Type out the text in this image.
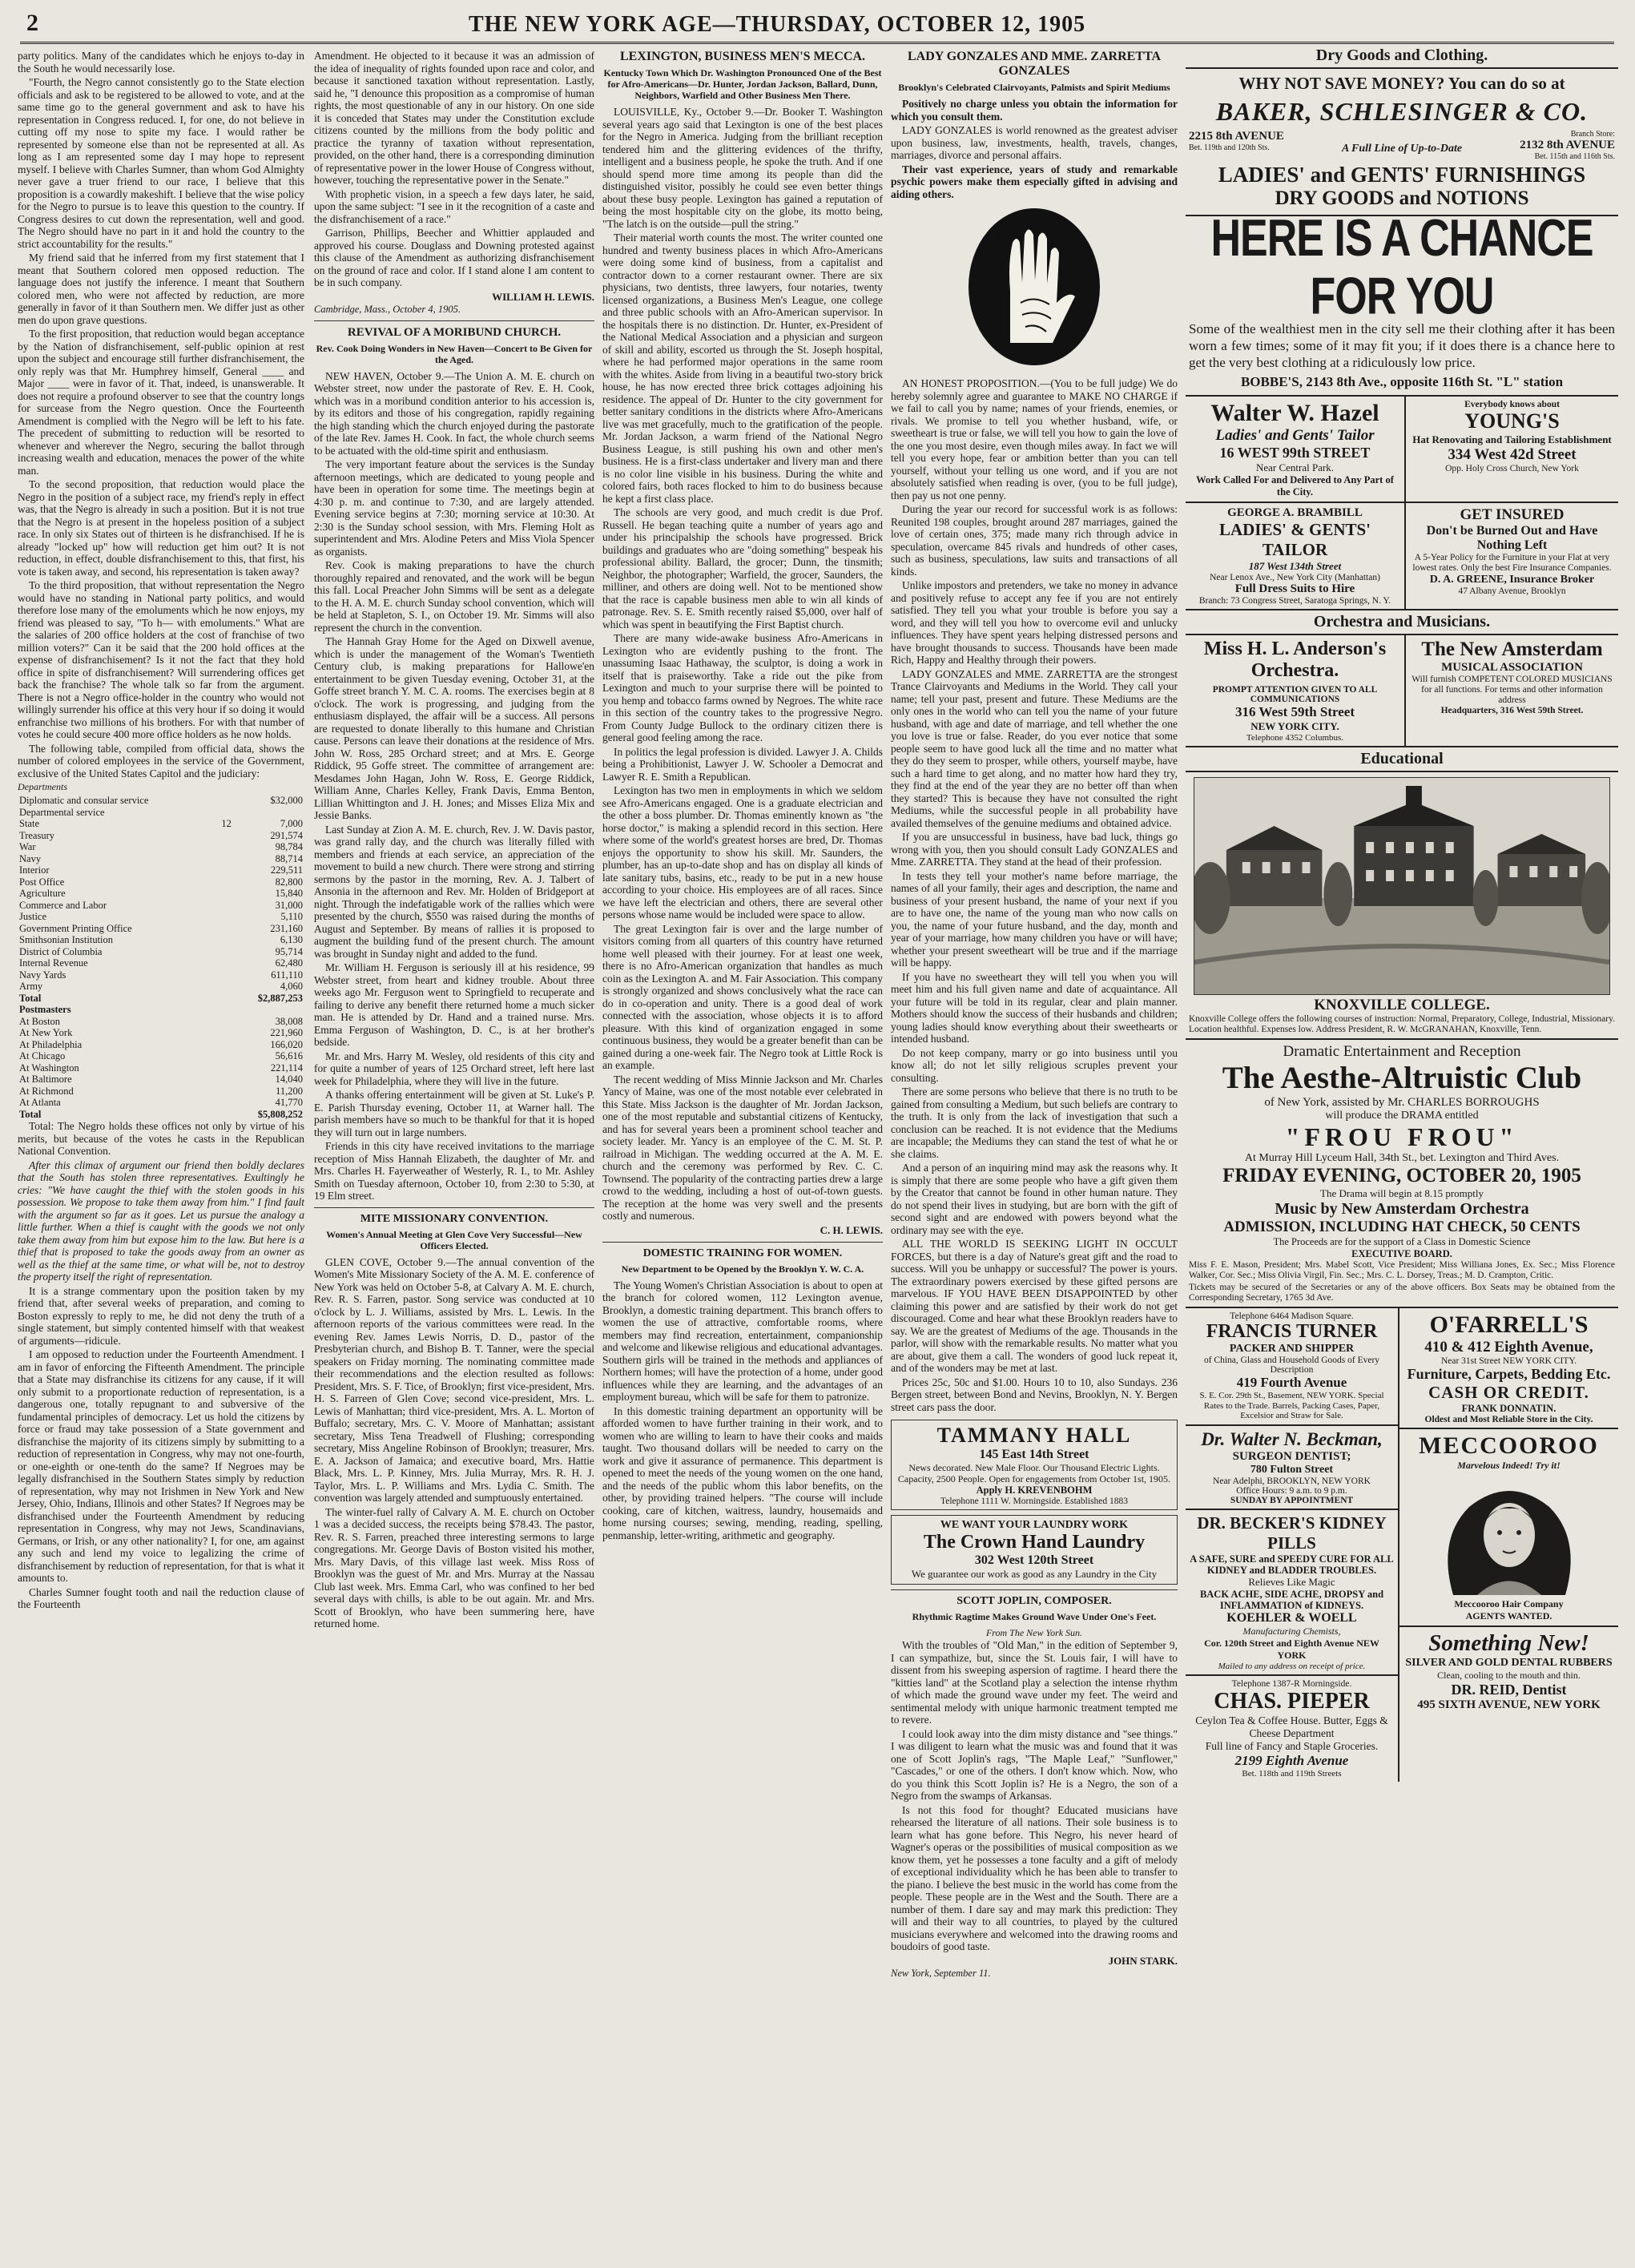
2	THE NEW YORK AGE—THURSDAY, OCTOBER 12, 1905

party politics. Many of the candidates which he enjoys to-day in the South he would necessarily lose.

"Fourth, the Negro cannot consistently go to the State election officials and ask to be registered to be allowed to vote, and at the same time go to the general government and ask to have his representation in Congress reduced. I, for one, do not believe in cutting off my nose to spite my face. I would rather be represented by someone else than not be represented at all. As long as I am represented some day I may hope to represent myself. I believe with Charles Sumner, than whom God Almighty never gave a truer friend to our race, I believe that this proposition is a cowardly makeshift. I believe that the wise policy for the Negro to pursue is to leave this question to the country. If Congress desires to cut down the representation, well and good. The Negro should have no part in it and hold the country to the strict accountability for the results."

My friend said that he inferred from my first statement that I meant that Southern colored men opposed reduction. The language does not justify the inference. I meant that Southern colored men, who were not affected by reduction, are more generally in favor of it than Southern men. We differ just as other men do upon grave questions.

To the first proposition, that reduction would began acceptance by the Nation of disfranchisement, self-public opinion at rest upon the subject and encourage still further disfranchisement, the only reply was that Mr. Humphrey himself, General ____ and Major ____ were in favor of it. That, indeed, is unanswerable. It does not require a profound observer to see that the country longs for surcease from the Negro question. Once the Fourteenth Amendment is complied with the Negro will be left to his fate. The precedent of submitting to reduction will be resorted to whenever and wherever the Negro, securing the ballot through increasing wealth and education, menaces the power of the white man.

To the second proposition, that reduction would place the Negro in the position of a subject race, my friend's reply in effect was, that the Negro is already in such a position. But it is not true that the Negro is at present in the hopeless position of a subject race. In only six States out of thirteen is he disfranchised. If he is already "locked up" how will reduction get him out? It is not reduction, in effect, double disfranchisement to this, that first, his vote is taken away, and second, his representation is taken away?

To the third proposition, that without representation the Negro would have no standing in National party politics, and would therefore lose many of the emoluments which he now enjoys, my friend was pleased to say, "To h— with emoluments." What are the salaries of 200 office holders at the cost of franchise of two million voters?" Can it be said that the 200 hold offices at the expense of disfranchisement? Is it not the fact that they hold office in spite of disfranchisement? Will surrendering offices get back the franchise? The whole talk so far from the argument. There is not a Negro office-holder in the country who would not willingly surrender his office at this very hour if so doing it would enfranchise two millions of his brothers. For with that number of votes he could secure 400 more office holders as he now holds.

The following table, compiled from official data, shows the number of colored employees in the service of the Government, exclusive of the United States Capitol and the judiciary:

Departments
Diplomatic and consular service		$32,000
Departmental service		
State	12	7,000
Treasury		291,574
War		98,784
Navy		88,714
Interior		229,511
Post Office		82,800
Agriculture		15,840
Commerce and Labor		31,000
Justice		5,110
Government Printing Office		231,160
Smithsonian Institution		6,130
District of Columbia		95,714
Internal Revenue		62,480
Navy Yards		611,110
Army		4,060
Total		$2,887,253
Postmasters		
At Boston		38,008
At New York		221,960
At Philadelphia		166,020
At Chicago		56,616
At Washington		221,114
At Baltimore		14,040
At Richmond		11,200
At Atlanta		41,770
Total		$5,808,252

Total: The Negro holds these offices not only by virtue of his merits, but because of the votes he casts in the Republican National Convention.

After this climax of argument our friend then boldly declares that the South has stolen three representatives. Exultingly he cries: "We have caught the thief with the stolen goods in his possession. We propose to take them away from him." I find fault with the argument so far as it goes. Let us pursue the analogy a little further. When a thief is caught with the goods we not only take them away from him but expose him to the law. But here is a thief that is proposed to take the goods away from an owner as well as the thief at the same time, or what will be, not to destroy the property itself the right of representation.

It is a strange commentary upon the position taken by my friend that, after several weeks of preparation, and coming to Boston expressly to reply to me, he did not deny the truth of a single statement, but simply contented himself with that weakest of arguments—ridicule.

I am opposed to reduction under the Fourteenth Amendment. I am in favor of enforcing the Fifteenth Amendment. The principle that a State may disfranchise its citizens for any cause, if it will only submit to a proportionate reduction of representation, is a dangerous one, totally repugnant to and subversive of the fundamental principles of democracy. Let us hold the citizens by force or fraud may take possession of a State government and disfranchise the majority of its citizens simply by submitting to a reduction of representation in Congress, why may not one-fourth, or one-eighth or one-tenth do the same? If Negroes may be legally disfranchised in the Southern States simply by reduction of representation, why may not Irishmen in New York and New Jersey, Ohio, Indians, Illinois and other States? If Negroes may be disfranchised under the Fourteenth Amendment by reducing representation in Congress, why may not Jews, Scandinavians, Germans, or Irish, or any other nationality? I, for one, am against any such and lend my voice to legalizing the crime of disfranchisement by reduction of representation, for that is what it amounts to.

Charles Sumner fought tooth and nail the reduction clause of the Fourteenth

Amendment. He objected to it because it was an admission of the idea of inequality of rights founded upon race and color, and because it sanctioned taxation without representation. Lastly, said he, "I denounce this proposition as a compromise of human rights, the most questionable of any in our history. On one side it is conceded that States may under the Constitution exclude citizens counted by the millions from the body politic and practice the tyranny of taxation without representation, provided, on the other hand, there is a corresponding diminution of representative power in the lower House of Congress without, however, touching the representative power in the Senate."

With prophetic vision, in a speech a few days later, he said, upon the same subject: "I see in it the recognition of a caste and the disfranchisement of a race."

Garrison, Phillips, Beecher and Whittier applauded and approved his course. Douglass and Downing protested against this clause of the Amendment as authorizing disfranchisement on the ground of race and color. If I stand alone I am content to be in such company.

WILLIAM H. LEWIS.
Cambridge, Mass., October 4, 1905.
REVIVAL OF A MORIBUND CHURCH.
Rev. Cook Doing Wonders in New Haven—Concert to Be Given for the Aged.

NEW HAVEN, October 9.—The Union A. M. E. church on Webster street, now under the pastorate of Rev. E. H. Cook, which was in a moribund condition anterior to his accession is, by its editors and those of his congregation, rapidly regaining the high standing which the church enjoyed during the pastorate of the late Rev. James H. Cook. In fact, the whole church seems to be actuated with the old-time spirit and enthusiasm.

The very important feature about the services is the Sunday afternoon meetings, which are dedicated to young people and have been in operation for some time. The meetings begin at 4:30 p. m. and continue to 7:30, and are largely attended. Evening service begins at 7:30; morning service at 10:30. At 2:30 is the Sunday school session, with Mrs. Fleming Holt as superintendent and Mrs. Alodine Peters and Miss Viola Spencer as organists.

Rev. Cook is making preparations to have the church thoroughly repaired and renovated, and the work will be begun this fall. Local Preacher John Simms will be sent as a delegate to the H. A. M. E. church Sunday school convention, which will be held at Stapleton, S. I., on October 19. Mr. Simms will also represent the church in the convention.

The Hannah Gray Home for the Aged on Dixwell avenue, which is under the management of the Woman's Twentieth Century club, is making preparations for Hallowe'en entertainment to be given Tuesday evening, October 31, at the Goffe street branch Y. M. C. A. rooms. The exercises begin at 8 o'clock. The work is progressing, and judging from the enthusiasm displayed, the affair will be a success. All persons are requested to donate liberally to this humane and Christian cause. Persons can leave their donations at the residence of Mrs. John W. Ross, 285 Orchard street; and at Mrs. E. George Riddick, 95 Goffe street. The committee of arrangement are: Mesdames John Hagan, John W. Ross, E. George Riddick, William Anne, Charles Kelley, Frank Davis, Emma Benton, Lillian Whittington and J. H. Jones; and Misses Eliza Mix and Jessie Banks.

Last Sunday at Zion A. M. E. church, Rev. J. W. Davis pastor, was grand rally day, and the church was literally filled with members and friends at each service, an appreciation of the movement to build a new church. There were strong and stirring sermons by the pastor in the morning, Rev. A. J. Talbert of Ansonia in the afternoon and Rev. Mr. Holden of Bridgeport at night. Through the indefatigable work of the rallies which were presented by the church, $550 was raised during the months of August and September. By means of rallies it is proposed to augment the building fund of the present church. The amount was brought in Sunday night and added to the fund.

Mr. William H. Ferguson is seriously ill at his residence, 99 Webster street, from heart and kidney trouble. About three weeks ago Mr. Ferguson went to Springfield to recuperate and failing to derive any benefit there returned home a much sicker man. He is attended by Dr. Hand and a trained nurse. Mrs. Emma Ferguson of Washington, D. C., is at her brother's bedside.

Mr. and Mrs. Harry M. Wesley, old residents of this city and for quite a number of years of 125 Orchard street, left here last week for Philadelphia, where they will live in the future.

A thanks offering entertainment will be given at St. Luke's P. E. Parish Thursday evening, October 11, at Warner hall. The parish members have so much to be thankful for that it is hoped they will turn out in large numbers.

Friends in this city have received invitations to the marriage reception of Miss Hannah Elizabeth, the daughter of Mr. and Mrs. Charles H. Fayerweather of Westerly, R. I., to Mr. Ashley Smith on Tuesday afternoon, October 10, from 2:30 to 5:30, at 19 Elm street.

MITE MISSIONARY CONVENTION.
Women's Annual Meeting at Glen Cove Very Successful—New Officers Elected.

GLEN COVE, October 9.—The annual convention of the Women's Mite Missionary Society of the A. M. E. conference of New York was held on October 5-8, at Calvary A. M. E. church, Rev. R. S. Farren, pastor. Song service was conducted at 10 o'clock by L. J. Williams, assisted by Mrs. L. Lewis. In the afternoon reports of the various committees were read. In the evening Rev. James Lewis Norris, D. D., pastor of the Presbyterian church, and Bishop B. T. Tanner, were the special speakers on Friday morning. The nominating committee made their recommendations and the election resulted as follows: President, Mrs. S. F. Tice, of Brooklyn; first vice-president, Mrs. H. S. Farreen of Glen Cove; second vice-president, Mrs. L. Lewis of Manhattan; third vice-president, Mrs. A. L. Morton of Buffalo; secretary, Mrs. C. V. Moore of Manhattan; assistant secretary, Miss Tena Treadwell of Flushing; corresponding secretary, Miss Angeline Robinson of Brooklyn; treasurer, Mrs. E. A. Jackson of Jamaica; and executive board, Mrs. Hattie Black, Mrs. L. P. Kinney, Mrs. Julia Murray, Mrs. R. H. J. Taylor, Mrs. L. P. Williams and Mrs. Lydia C. Smith. The convention was largely attended and sumptuously entertained.

The winter-fuel rally of Calvary A. M. E. church on October 1 was a decided success, the receipts being $78.43. The pastor, Rev. R. S. Farren, preached three interesting sermons to large congregations. Mr. George Davis of Boston visited his mother, Mrs. Mary Davis, of this village last week. Miss Ross of Brooklyn was the guest of Mr. and Mrs. Murray at the Nassau Club last week. Mrs. Emma Carl, who was confined to her bed several days with chills, is able to be out again. Mr. and Mrs. Scott of Brooklyn, who have been summering here, have returned home.

LEXINGTON, BUSINESS MEN'S MECCA.
Kentucky Town Which Dr. Washington Pronounced One of the Best for Afro-Americans—Dr. Hunter, Jordan Jackson, Ballard, Dunn, Neighbors, Warfield and Other Business Men There.

LOUISVILLE, Ky., October 9.—Dr. Booker T. Washington several years ago said that Lexington is one of the best places for the Negro in America. Judging from the brilliant reception tendered him and the glittering evidences of the thrifty, intelligent and a business people, he spoke the truth. And if one should spend more time among its people than did the distinguished visitor, possibly he could see even better things about these busy people. Lexington has gained a reputation of being the most hospitable city on the globe, its motto being, "The latch is on the outside—pull the string."

Their material worth counts the most. The writer counted one hundred and twenty business places in which Afro-Americans were doing some kind of business, from a capitalist and contractor down to a corner restaurant owner. There are six physicians, two dentists, three lawyers, four notaries, twenty licensed organizations, a Business Men's League, one college and three public schools with an Afro-American supervisor. In the hospitals there is no distinction. Dr. Hunter, ex-President of the National Medical Association and a physician and surgeon of skill and ability, escorted us through the St. Joseph hospital, where he had performed major operations in the same room with the whites. Aside from living in a beautiful two-story brick house, he has now erected three brick cottages adjoining his residence. The appeal of Dr. Hunter to the city government for better sanitary conditions in the districts where Afro-Americans live was met gracefully, much to the gratification of the people. Mr. Jordan Jackson, a warm friend of the National Negro Business League, is still pushing his own and other men's business. He is a first-class undertaker and livery man and there is no color line visible in his business. During the white and colored fairs, both races flocked to him to do business because he kept a first class place.

The schools are very good, and much credit is due Prof. Russell. He began teaching quite a number of years ago and under his principalship the schools have progressed. Brick buildings and graduates who are "doing something" bespeak his professional ability. Ballard, the grocer; Dunn, the tinsmith; Neighbor, the photographer; Warfield, the grocer, Saunders, the milliner, and others are doing well. Not to be mentioned show that the race is capable business men able to win all kinds of patronage. Rev. S. E. Smith recently raised $5,000, over half of which was spent in beautifying the First Baptist church.

There are many wide-awake business Afro-Americans in Lexington who are evidently pushing to the front. The unassuming Isaac Hathaway, the sculptor, is doing a work in itself that is praiseworthy. Take a ride out the pike from Lexington and much to your surprise there will be pointed to you hemp and tobacco farms owned by Negroes. The white race in this section of the country takes to the progressive Negro. From County Judge Bullock to the ordinary citizen there is general good feeling among the race.

In politics the legal profession is divided. Lawyer J. A. Childs being a Prohibitionist, Lawyer J. W. Schooler a Democrat and Lawyer R. E. Smith a Republican.

Lexington has two men in employments in which we seldom see Afro-Americans engaged. One is a graduate electrician and the other a boss plumber. Dr. Thomas eminently known as "the horse doctor," is making a splendid record in this section. Here where some of the world's greatest horses are bred, Dr. Thomas enjoys the opportunity to show his skill. Mr. Saunders, the plumber, has an up-to-date shop and has on display all kinds of late sanitary tubs, basins, etc., ready to be put in a new house according to your choice. His employees are of all races. Since we have left the electrician and others, there are several other persons whose name would be included were space to allow.

The great Lexington fair is over and the large number of visitors coming from all quarters of this country have returned home well pleased with their journey. For at least one week, there is no Afro-American organization that handles as much coin as the Lexington A. and M. Fair Association. This company is strongly organized and shows conclusively what the race can do in co-operation and unity. There is a good deal of work connected with the association, whose objects it is to afford pleasure. With this kind of organization engaged in some continuous business, they would be a greater benefit than can be gained during a one-week fair. The Negro took at Little Rock is an example.

The recent wedding of Miss Minnie Jackson and Mr. Charles Yancy of Maine, was one of the most notable ever celebrated in this State. Miss Jackson is the daughter of Mr. Jordan Jackson, one of the most reputable and substantial citizens of Kentucky, and has for several years been a prominent school teacher and society leader. Mr. Yancy is an employee of the C. M. St. P. railroad in Michigan. The wedding occurred at the A. M. E. church and the ceremony was performed by Rev. C. C. Townsend. The popularity of the contracting parties drew a large crowd to the wedding, including a host of out-of-town guests. The reception at the home was very swell and the presents costly and numerous.

C. H. LEWIS.
DOMESTIC TRAINING FOR WOMEN.
New Department to be Opened by the Brooklyn Y. W. C. A.

The Young Women's Christian Association is about to open at the branch for colored women, 112 Lexington avenue, Brooklyn, a domestic training department. This branch offers to women the use of attractive, comfortable rooms, where members may find recreation, entertainment, companionship and welcome and likewise religious and educational advantages. Southern girls will be trained in the methods and appliances of Northern homes; will have the protection of a home, under good influences while they are learning, and the advantages of an employment bureau, which will be safe for them to patronize.

In this domestic training department an opportunity will be afforded women to have further training in their work, and to women who are willing to learn to have their cooks and maids taught. Two thousand dollars will be needed to carry on the work and give it assurance of permanence. This department is opened to meet the needs of the young women on the one hand, and the needs of the public whom this labor benefits, on the other, by providing trained helpers. "The course will include cooking, care of kitchen, waitress, laundry, housemaids and home nursing courses; sewing, mending, reading, spelling, penmanship, letter-writing, arithmetic and geography.

LADY GONZALES AND MME. ZARRETTA GONZALES
Brooklyn's Celebrated Clairvoyants, Palmists and Spirit Mediums

Positively no charge unless you obtain the information for which you consult them.

LADY GONZALES is world renowned as the greatest adviser upon business, law, investments, health, travels, changes, marriages, divorce and personal affairs.

Their vast experience, years of study and remarkable psychic powers make them especially gifted in advising and aiding others.

AN HONEST PROPOSITION.—(You to be full judge) We do hereby solemnly agree and guarantee to MAKE NO CHARGE if we fail to call you by name; names of your friends, enemies, or rivals. We promise to tell you whether husband, wife, or sweetheart is true or false, we will tell you how to gain the love of the one you most desire, even though miles away. In fact we will tell you every hope, fear or ambition better than you can tell yourself, without your telling us one word, and if you are not absolutely satisfied when reading is over, (you to be full judge), then pay us not one penny.

During the year our record for successful work is as follows: Reunited 198 couples, brought around 287 marriages, gained the love of certain ones, 375; made many rich through advice in speculation, overcame 845 rivals and hundreds of other cases, such as business, speculations, law suits and transactions of all kinds.

Unlike impostors and pretenders, we take no money in advance and positively refuse to accept any fee if you are not entirely satisfied. They tell you what your trouble is before you say a word, and they will tell you how to overcome evil and unlucky influences. They have spent years helping distressed persons and have brought thousands to success. Thousands have been made Rich, Happy and Healthy through their powers.

LADY GONZALES and MME. ZARRETTA are the strongest Trance Clairvoyants and Mediums in the World. They call your name; tell your past, present and future. These Mediums are the only ones in the world who can tell you the name of your future husband, with age and date of marriage, and tell whether the one you love is true or false. Reader, do you ever notice that some people seem to have good luck all the time and no matter what they do they seem to prosper, while others, yourself maybe, have such a hard time to get along, and no matter how hard they try, they find at the end of the year they are no better off than when they started? This is because they have not consulted the right Mediums, while the successful people in all probability have availed themselves of the genuine mediums and obtained advice.

If you are unsuccessful in business, have bad luck, things go wrong with you, then you should consult Lady GONZALES and Mme. ZARRETTA. They stand at the head of their profession.

In tests they tell your mother's name before marriage, the names of all your family, their ages and description, the name and business of your present husband, the name of your next if you are to have one, the name of the young man who now calls on you, the name of your future husband, and the day, month and year of your marriage, how many children you have or will have; whether your present sweetheart will be true and if the marriage will be happy.

If you have no sweetheart they will tell you when you will meet him and his full given name and date of acquaintance. All your future will be told in its regular, clear and plain manner. Mothers should know the success of their husbands and children; young ladies should know everything about their sweethearts or intended husband.

Do not keep company, marry or go into business until you know all; do not let silly religious scruples prevent your consulting.

There are some persons who believe that there is no truth to be gained from consulting a Medium, but such beliefs are contrary to the truth. It is only from the lack of investigation that such a conclusion can be reached. It is not evidence that the Mediums are incapable; the Mediums they can stand the test of what he or she claims.

And a person of an inquiring mind may ask the reasons why. It is simply that there are some people who have a gift given them by the Creator that cannot be found in other human nature. They do not spend their lives in studying, but are born with the gift of second sight and are endowed with powers beyond what the ordinary may see with the eye.

ALL THE WORLD IS SEEKING LIGHT IN OCCULT FORCES, but there is a day of Nature's great gift and the road to success. Will you be unhappy or successful? The power is yours. The extraordinary powers exercised by these gifted persons are marvelous. IF YOU HAVE BEEN DISAPPOINTED by other claiming this power and are satisfied by their work do not get discouraged. Come and hear what these Brooklyn readers have to say. We are the greatest of Mediums of the age. Thousands in the parlor, will show with the remarkable results. No matter what you are about, give them a call. The wonders of good luck repeat it, and of the wonders may be met at last.

Prices 25c, 50c and $1.00. Hours 10 to 10, also Sundays. 236 Bergen street, between Bond and Nevins, Brooklyn, N. Y. Bergen street cars pass the door.

TAMMANY HALL
145 East 14th Street
News decorated. New Male Floor. Our Thousand Electric Lights. Capacity, 2500 People. Open for engagements from October 1st, 1905.
Apply H. KREVENBOHM
Telephone 1111 W. Morningside. Established 1883
WE WANT YOUR LAUNDRY WORK
The Crown Hand Laundry
302 West 120th Street
We guarantee our work as good as any Laundry in the City
SCOTT JOPLIN, COMPOSER.
Rhythmic Ragtime Makes Ground Wave Under One's Feet.
From The New York Sun.

With the troubles of "Old Man," in the edition of September 9, I can sympathize, but, since the St. Louis fair, I will have to dissent from his sweeping aspersion of ragtime. I heard there the "kitties land" at the Scotland play a selection the intense rhythm of which made the ground wave under my feet. The weird and sentimental melody with unique harmonic treatment tempted me to revere.

I could look away into the dim misty distance and "see things." I was diligent to learn what the music was and found that it was one of Scott Joplin's rags, "The Maple Leaf," "Sunflower," "Cascades," or one of the others. I don't know which. Now, who do you think this Scott Joplin is? He is a Negro, the son of a Negro from the swamps of Arkansas.

Is not this food for thought? Educated musicians have rehearsed the literature of all nations. Their sole business is to learn what has gone before. This Negro, his never heard of Wagner's operas or the possibilities of musical composition as we know them, yet he possesses a tone faculty and a gift of melody of exceptional individuality which he has been able to transfer to the piano. I believe the best music in the world has come from the people. These people are in the West and the South. There are a number of them. I dare say and may mark this prediction: They will and their way to all countries, to played by the cultured musicians everywhere and welcomed into the drawing rooms and boudoirs of good taste.

JOHN STARK.
New York, September 11.
Dry Goods and Clothing.
WHY NOT SAVE MONEY? You can do so at
BAKER, SCHLESINGER & CO.
2215 8th AVENUE
Bet. 119th and 120th Sts.	A Full Line of Up-to-Date
Branch Store:
2132 8th AVENUE
Bet. 115th and 116th Sts.
LADIES' and GENTS' FURNISHINGS
DRY GOODS and NOTIONS
HERE IS A CHANCE FOR YOU
Some of the wealthiest men in the city sell me their clothing after it has been worn a few times; some of it may fit you; if it does there is a chance here to get the very best clothing at a ridiculously low price.
BOBBE'S, 2143 8th Ave., opposite 116th St. "L" station
Walter W. Hazel
Ladies' and Gents' Tailor
16 WEST 99th STREET
Near Central Park.
Work Called For and Delivered to Any Part of the City.
Everybody knows about
YOUNG'S
Hat Renovating and Tailoring Establishment
334 West 42d Street
Opp. Holy Cross Church, New York
GEORGE A. BRAMBILL
LADIES' & GENTS' TAILOR
187 West 134th Street
Near Lenox Ave., New York City (Manhattan)
Full Dress Suits to Hire
Branch: 73 Congress Street, Saratoga Springs, N. Y.
GET INSURED
Don't be Burned Out and Have Nothing Left
A 5-Year Policy for the Furniture in your Flat at very lowest rates. Only the best Fire Insurance Companies.
D. A. GREENE, Insurance Broker
47 Albany Avenue, Brooklyn
Orchestra and Musicians.
Miss H. L. Anderson's Orchestra.
PROMPT ATTENTION GIVEN TO ALL COMMUNICATIONS
316 West 59th Street
NEW YORK CITY.
Telephone 4352 Columbus.
The New Amsterdam
MUSICAL ASSOCIATION
Will furnish COMPETENT COLORED MUSICIANS for all functions. For terms and other information address
Headquarters, 316 West 59th Street.
Educational
KNOXVILLE COLLEGE.
Knoxville College offers the following courses of instruction: Normal, Preparatory, College, Industrial, Missionary. Location healthful. Expenses low. Address President, R. W. McGRANAHAN, Knoxville, Tenn.
Dramatic Entertainment and Reception
The Aesthe-Altruistic Club
of New York, assisted by Mr. CHARLES BORROUGHS
will produce the DRAMA entitled
"FROU FROU"
At Murray Hill Lyceum Hall, 34th St., bet. Lexington and Third Aves.
FRIDAY EVENING, OCTOBER 20, 1905
The Drama will begin at 8.15 promptly
Music by New Amsterdam Orchestra
ADMISSION, INCLUDING HAT CHECK, 50 CENTS
The Proceeds are for the support of a Class in Domestic Science
EXECUTIVE BOARD.
Miss F. E. Mason, President; Mrs. Mabel Scott, Vice President; Miss Williana Jones, Ex. Sec.; Miss Florence Walker, Cor. Sec.; Miss Olivia Virgil, Fin. Sec.; Mrs. C. L. Dorsey, Treas.; M. D. Crampton, Critic.
Tickets may be secured of the Secretaries or any of the above officers. Box Seats may be obtained from the Corresponding Secretary, 1765 3d Ave.
Telephone 6464 Madison Square.
FRANCIS TURNER
PACKER AND SHIPPER
of China, Glass and Household Goods of Every Description
419 Fourth Avenue
S. E. Cor. 29th St., Basement, NEW YORK. Special Rates to the Trade. Barrels, Packing Cases, Paper, Excelsior and Straw for Sale.
Dr. Walter N. Beckman,
SURGEON DENTIST;
780 Fulton Street
Near Adelphi, BROOKLYN, NEW YORK
Office Hours: 9 a.m. to 9 p.m.
SUNDAY BY APPOINTMENT
DR. BECKER'S KIDNEY PILLS
A SAFE, SURE and SPEEDY CURE FOR ALL KIDNEY and BLADDER TROUBLES.
Relieves Like Magic
BACK ACHE, SIDE ACHE, DROPSY and INFLAMMATION of KIDNEYS.
KOEHLER & WOELL
Manufacturing Chemists,
Cor. 120th Street and Eighth Avenue NEW YORK
Mailed to any address on receipt of price.
Telephone 1387-R Morningside.
CHAS. PIEPER
Ceylon Tea & Coffee House. Butter, Eggs & Cheese Department
Full line of Fancy and Staple Groceries.
2199 Eighth Avenue
Bet. 118th and 119th Streets
O'FARRELL'S
410 & 412 Eighth Avenue,
Near 31st Street NEW YORK CITY.
Furniture, Carpets, Bedding Etc.
CASH OR CREDIT.
FRANK DONNATIN.
Oldest and Most Reliable Store in the City.
MECCOOROO
Marvelous Indeed! Try it!
Meccooroo Hair Company
AGENTS WANTED.
Something New!
SILVER AND GOLD DENTAL RUBBERS
Clean, cooling to the mouth and thin.
DR. REID, Dentist
495 SIXTH AVENUE, NEW YORK
